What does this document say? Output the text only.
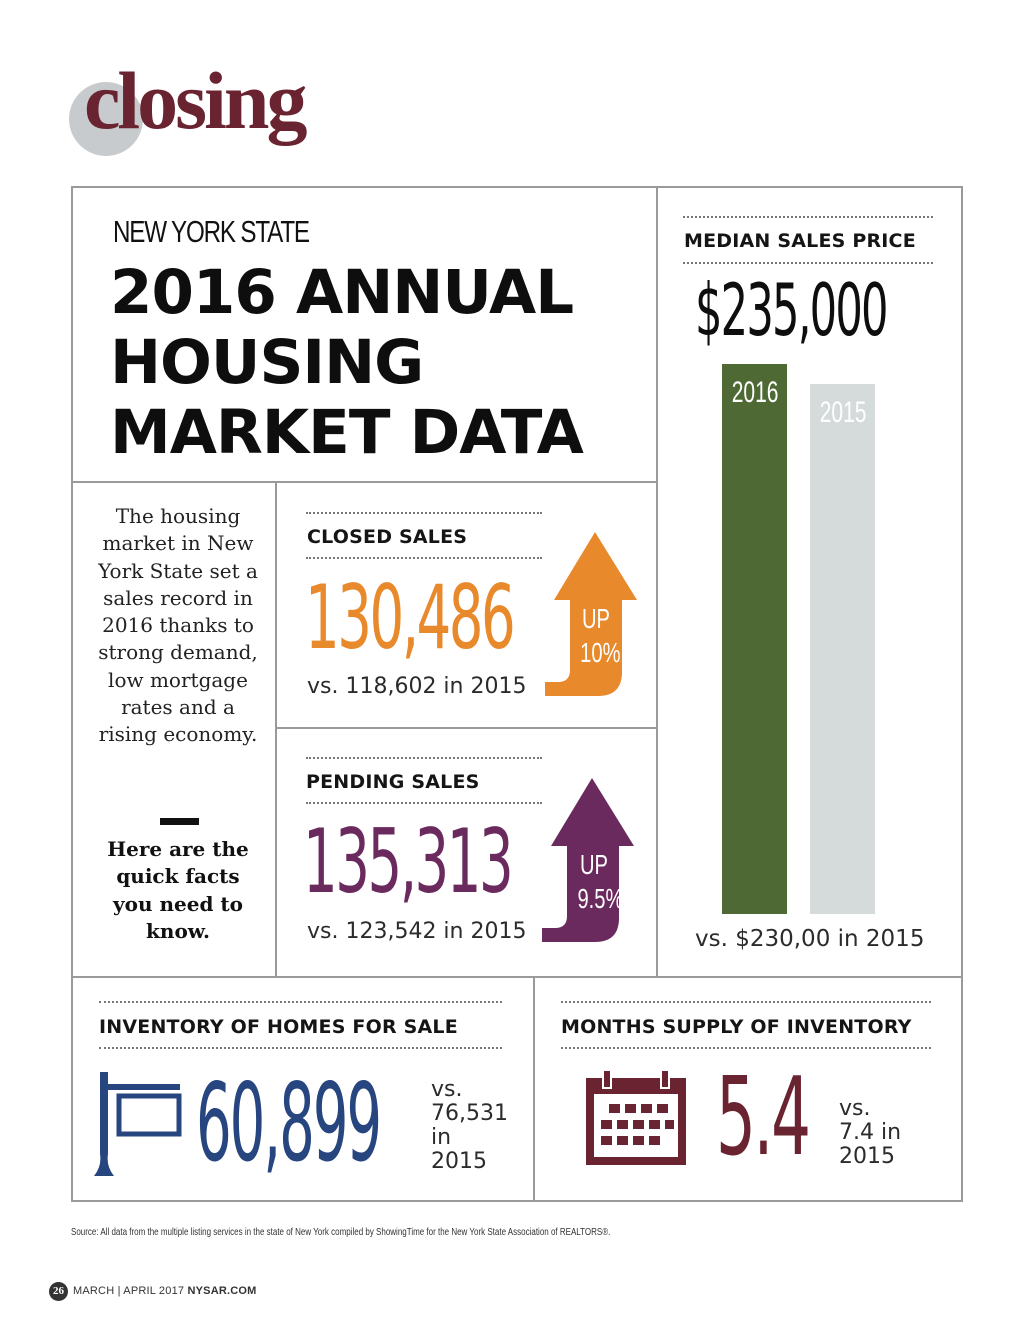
closing
NEW YORK STATE
2016 ANNUAL
HOUSING
MARKET DATA
The housing market in New York State set a sales record in 2016 thanks to strong demand, low mortgage rates and a rising economy.
Here are the quick facts you need to know.
CLOSED SALES
130,486
vs. 118,602 in 2015
UP
10%
PENDING SALES
135,313
vs. 123,542 in 2015
UP
9.5%
MEDIAN SALES PRICE
$235,000
2016
2015
vs. $230,00 in 2015
INVENTORY OF HOMES FOR SALE
60,899 vs.
76,531
in
2015
MONTHS SUPPLY OF INVENTORY
5.4 vs.
7.4 in
2015
Source: All data from the multiple listing services in the state of New York compiled by ShowingTime for the New York State Association of REALTORS®.
26 MARCH | APRIL 2017 NYSAR.COM
